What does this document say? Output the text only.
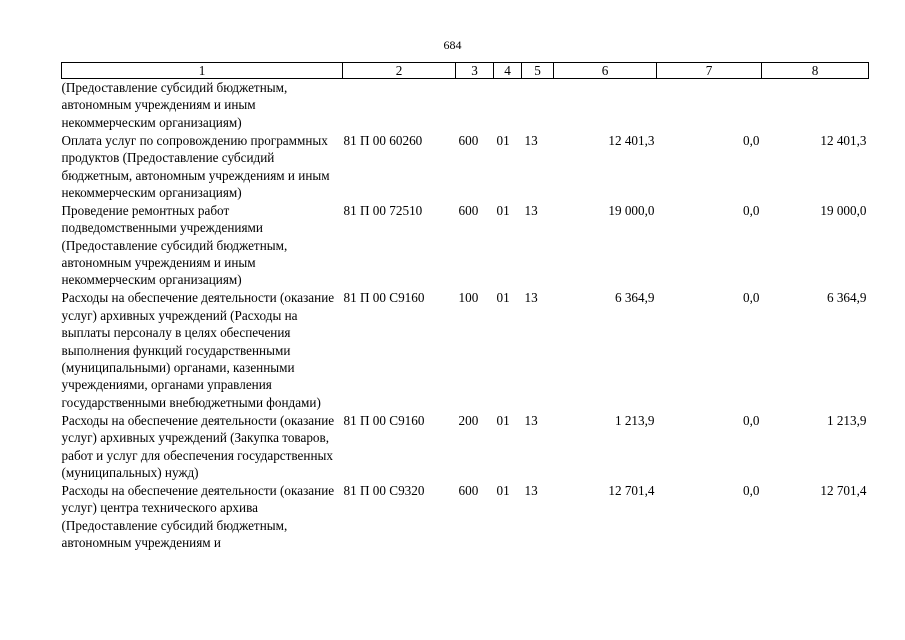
684
1	2	3	4	5	6	7	8
(Предоставление субсидий бюджетным, автономным учреждениям и иным некоммерческим организациям)							
Оплата услуг по сопровождению программных продуктов (Предоставлeние субсидий бюджетным, автономным учреждениям и иным некоммерческим организациям)	81 П 00 60260	600	01	13	12 401,3	0,0	12 401,3
Проведение ремонтных работ подведомственными учреждениями (Предоставление субсидий бюджетным, автономным учреждениям и иным некоммерческим организациям)	81 П 00 72510	600	01	13	19 000,0	0,0	19 000,0
Расходы на обеспечение деятельности (оказание услуг) архивных учреждений (Расходы на выплаты персоналу в целях обеспечения выполнения функций государственными (муниципальными) органами, казенными учреждениями, органами управления государственными внебюджетными фондами)	81 П 00 С9160	100	01	13	6 364,9	0,0	6 364,9
Расходы на обеспечение деятельности (оказание услуг) архивных учреждений (Закупка товаров, работ и услуг для обеспечения государственных (муниципальных) нужд)	81 П 00 С9160	200	01	13	1 213,9	0,0	1 213,9
Расходы на обеспечение деятельности (оказание услуг) центра технического архива (Предоставление субсидий бюджетным, автономным учреждениям и	81 П 00 С9320	600	01	13	12 701,4	0,0	12 701,4
